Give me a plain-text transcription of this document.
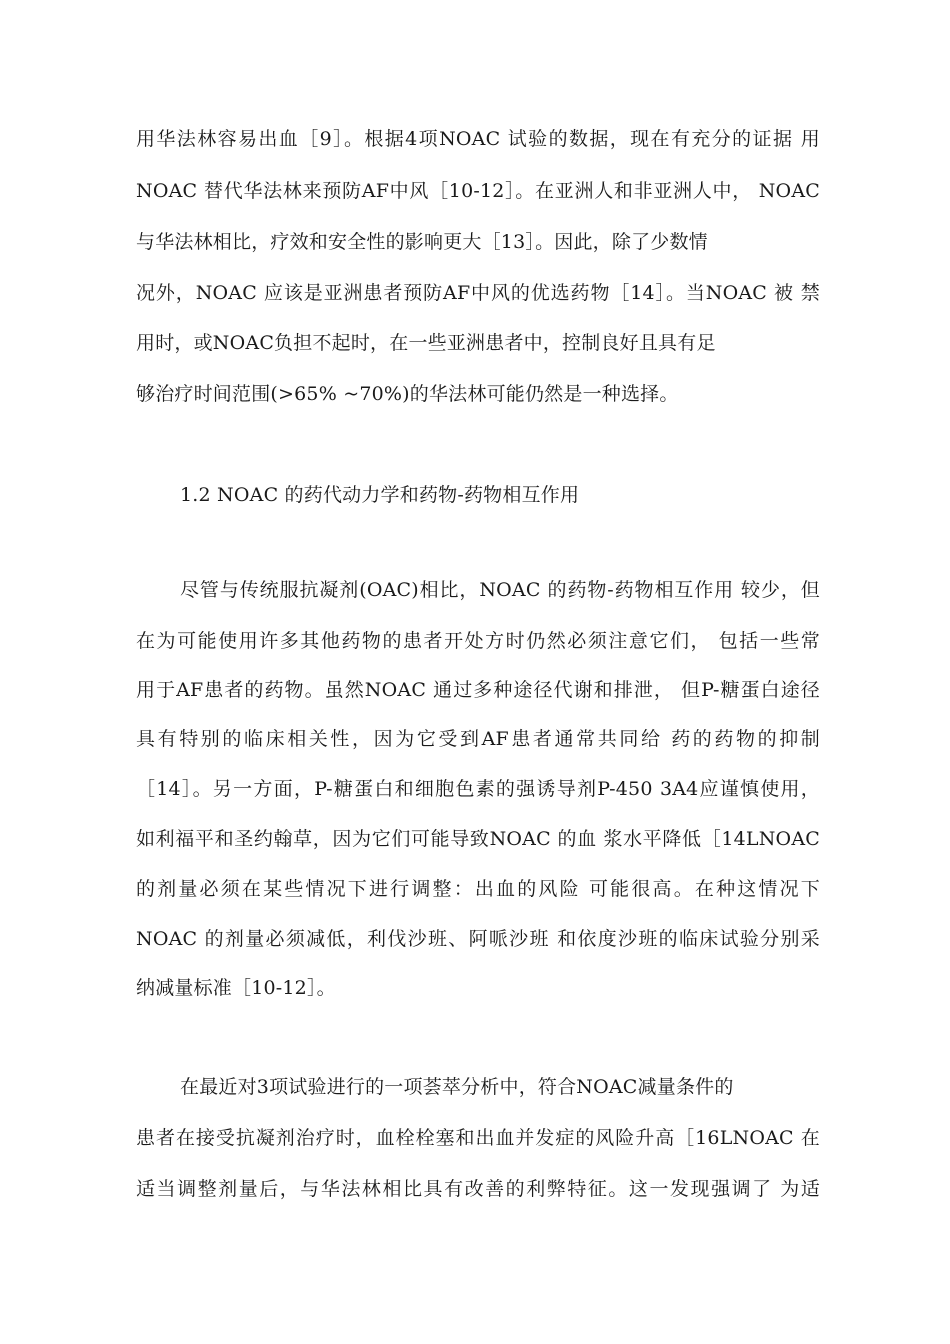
用华法林容易出血［9］。根据4项NOAC 试验的数据，现在有充分的证据 用
NOAC 替代华法林来预防AF中风［10-12］。在亚洲人和非亚洲人中， NOAC
与华法林相比，疗效和安全性的影响更大［13］。因此，除了少数情
况外，NOAC 应该是亚洲患者预防AF中风的优选药物［14］。当NOAC 被 禁
用时，或NOAC负担不起时，在一些亚洲患者中，控制良好且具有足
够治疗时间范围(>65% ~70%)的华法林可能仍然是一种选择。
1.2 NOAC 的药代动力学和药物-药物相互作用
尽管与传统服抗凝剂(OAC)相比，NOAC 的药物-药物相互作用 较少，但
在为可能使用许多其他药物的患者开处方时仍然必须注意它们， 包括一些常
用于AF患者的药物。虽然NOAC 通过多种途径代谢和排泄， 但P-糖蛋白途径
具有特别的临床相关性，因为它受到AF患者通常共同给 药的药物的抑制
［14］。另一方面，P-糖蛋白和细胞色素的强诱导剂P-450 3A4应谨慎使用，
如利福平和圣约翰草，因为它们可能导致NOAC 的血 浆水平降低［14LNOAC
的剂量必须在某些情况下进行调整：出血的风险 可能很高。在种这情况下
NOAC 的剂量必须减低，利伐沙班、阿哌沙班 和依度沙班的临床试验分别采
纳减量标准［10-12］。
在最近对3项试验进行的一项荟萃分析中，符合NOAC减量条件的
患者在接受抗凝剂治疗时，血栓栓塞和出血并发症的风险升高［16LNOAC 在
适当调整剂量后，与华法林相比具有改善的利弊特征。这一发现强调了 为适
